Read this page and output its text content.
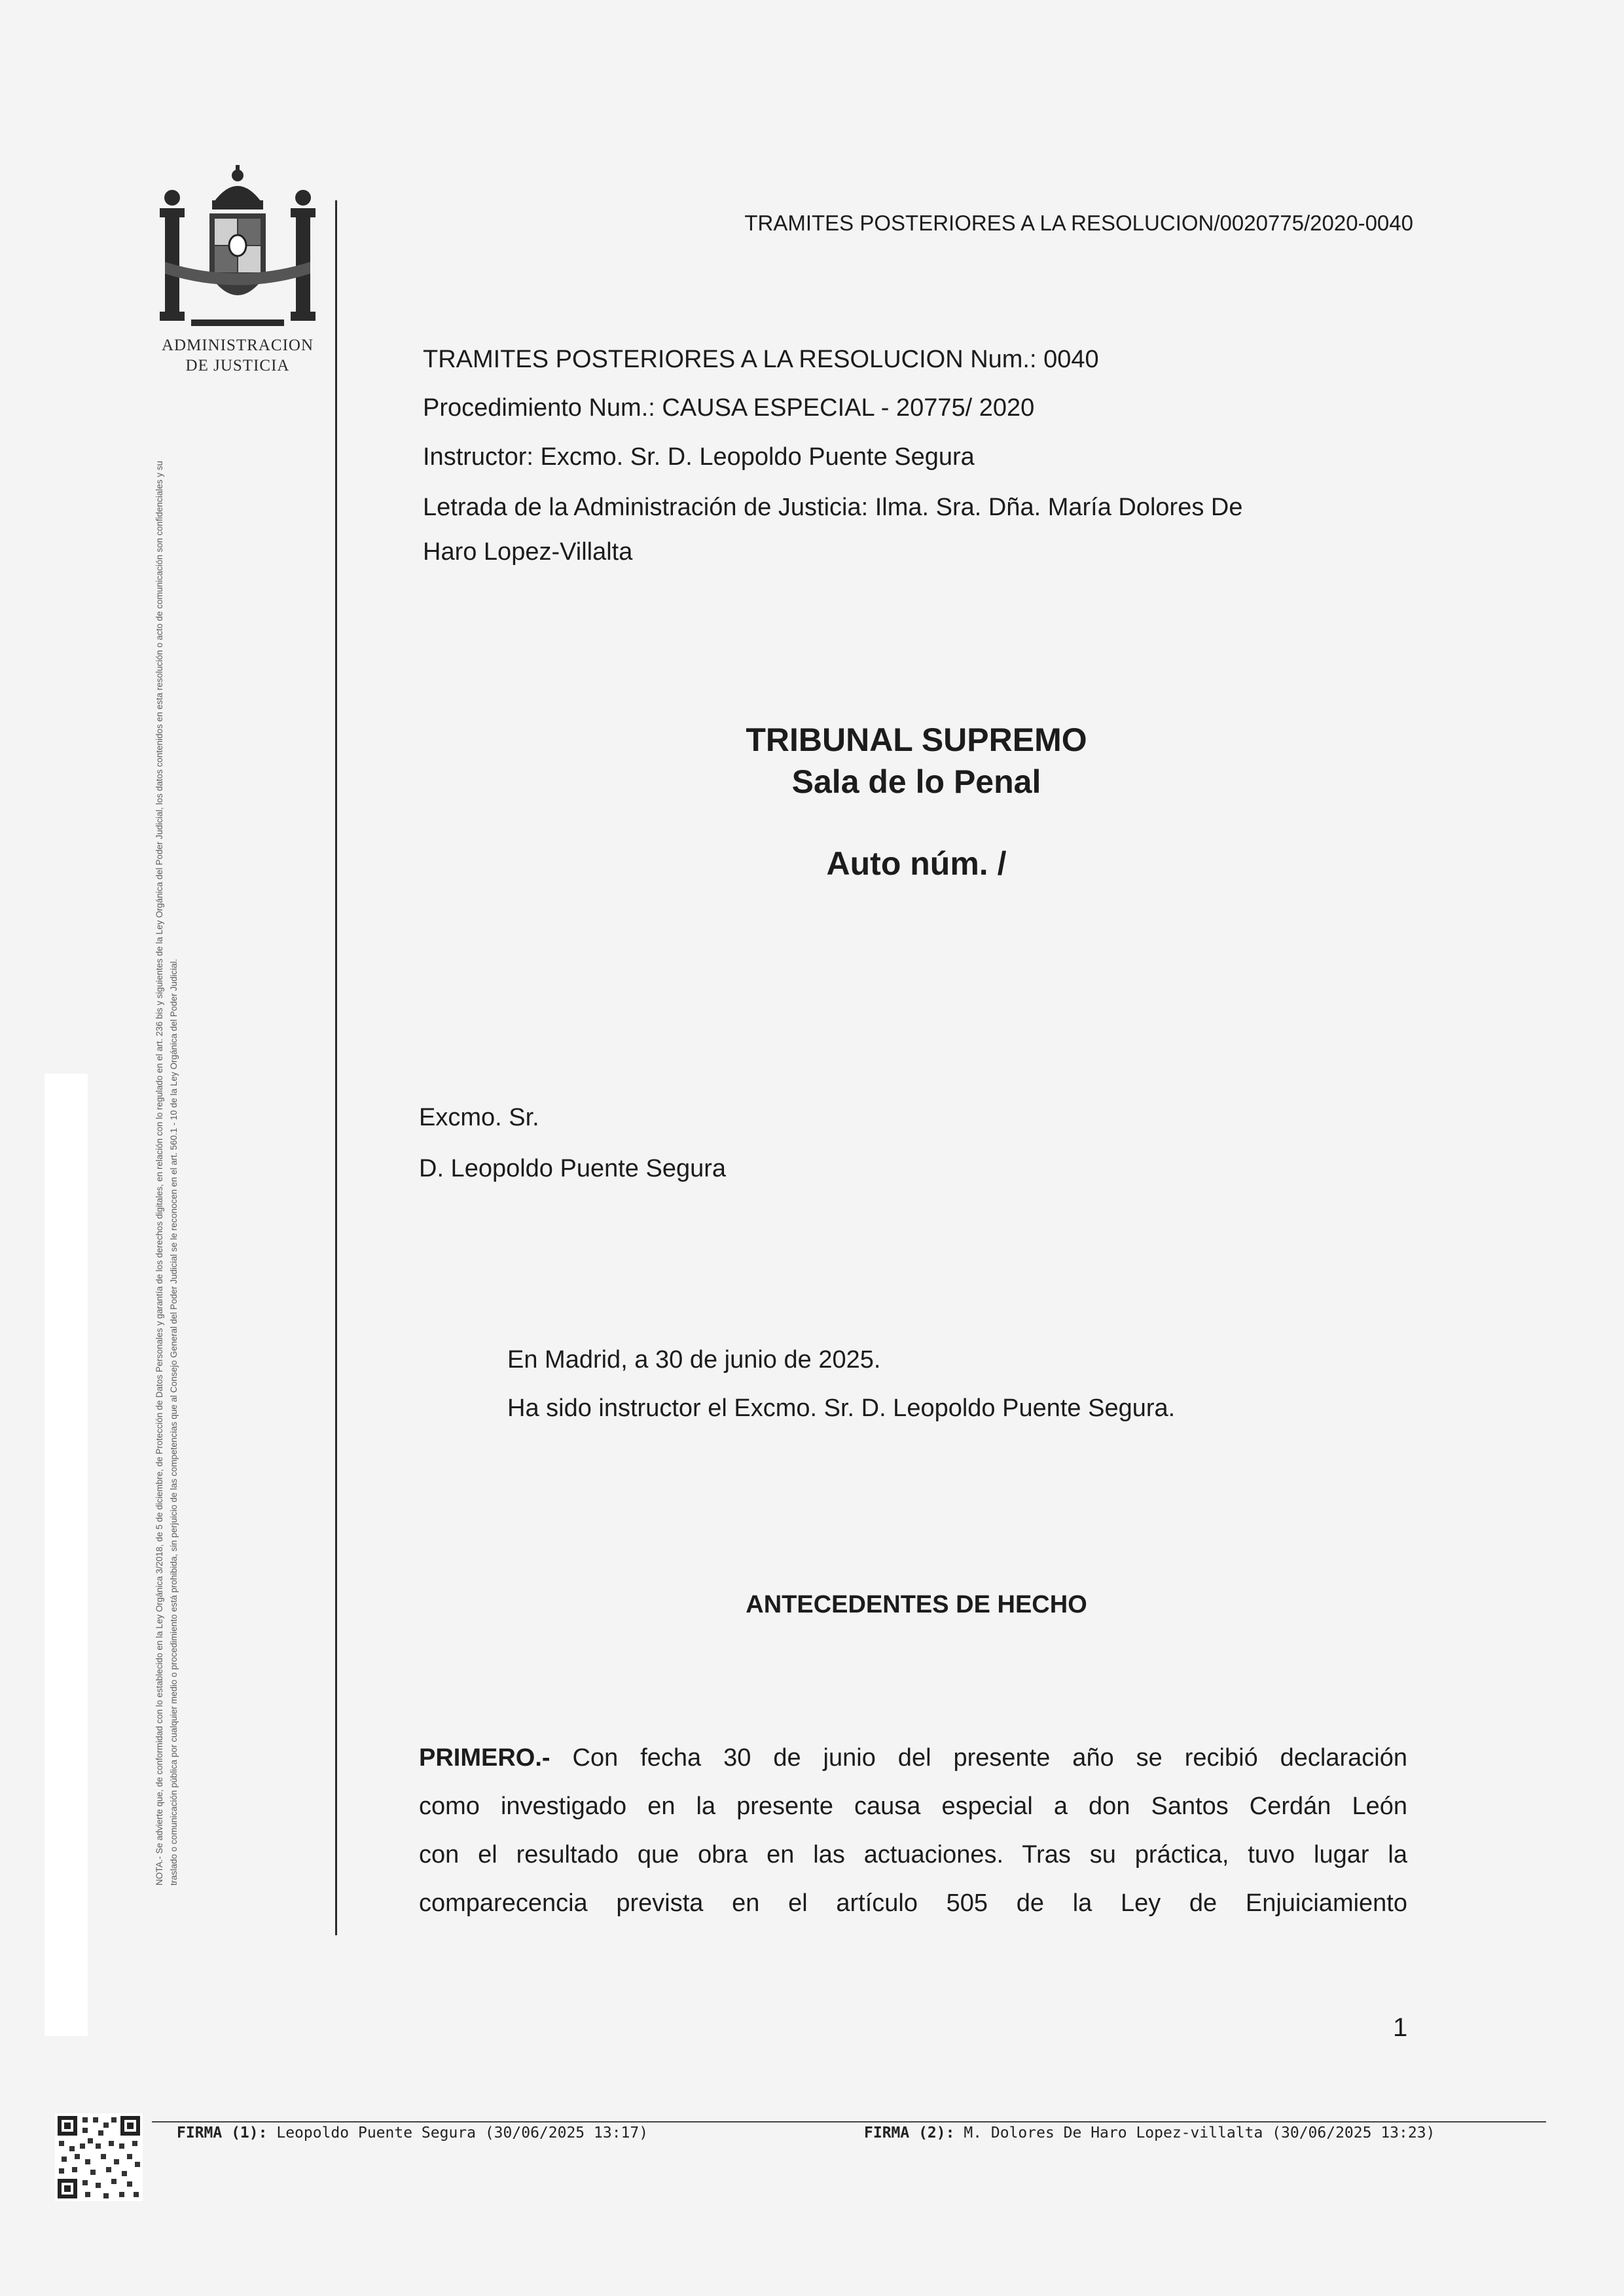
ADMINISTRACION
DE JUSTICIA
NOTA.- Se advierte que, de conformidad con lo establecido en la Ley Orgánica 3/2018, de 5 de diciembre, de Protección de Datos Personales y garantía de los derechos digitales, en relación con lo regulado en el art. 236 bis y siguientes de la Ley Orgánica del Poder Judicial, los datos contenidos en esta resolución o acto de comunicación son confidenciales y su traslado o comunicación pública por cualquier medio o procedimiento está prohibida, sin perjuicio de las competencias que al Consejo General del Poder Judicial se le reconocen en el art. 560.1 - 10 de la Ley Orgánica del Poder Judicial.
TRAMITES POSTERIORES A LA RESOLUCION/0020775/2020-0040
TRAMITES POSTERIORES A LA RESOLUCION Num.: 0040
Procedimiento Num.: CAUSA ESPECIAL - 20775/ 2020
Instructor: Excmo. Sr. D. Leopoldo Puente Segura
Letrada de la Administración de Justicia: Ilma. Sra. Dña. María Dolores De
Haro Lopez-Villalta
TRIBUNAL SUPREMO
Sala de lo Penal
Auto núm. /
Excmo. Sr.
D. Leopoldo Puente Segura
En Madrid, a 30 de junio de 2025.
Ha sido instructor el Excmo. Sr. D. Leopoldo Puente Segura.
ANTECEDENTES DE HECHO
PRIMERO.- Con fecha 30 de junio del presente año se recibió declaración
como investigado en la presente causa especial a don Santos Cerdán León
con el resultado que obra en las actuaciones. Tras su práctica, tuvo lugar la
comparecencia prevista en el artículo 505 de la Ley de Enjuiciamiento
1
FIRMA (1): Leopoldo Puente Segura (30/06/2025 13:17)	FIRMA (2): M. Dolores De Haro Lopez-villalta (30/06/2025 13:23)
